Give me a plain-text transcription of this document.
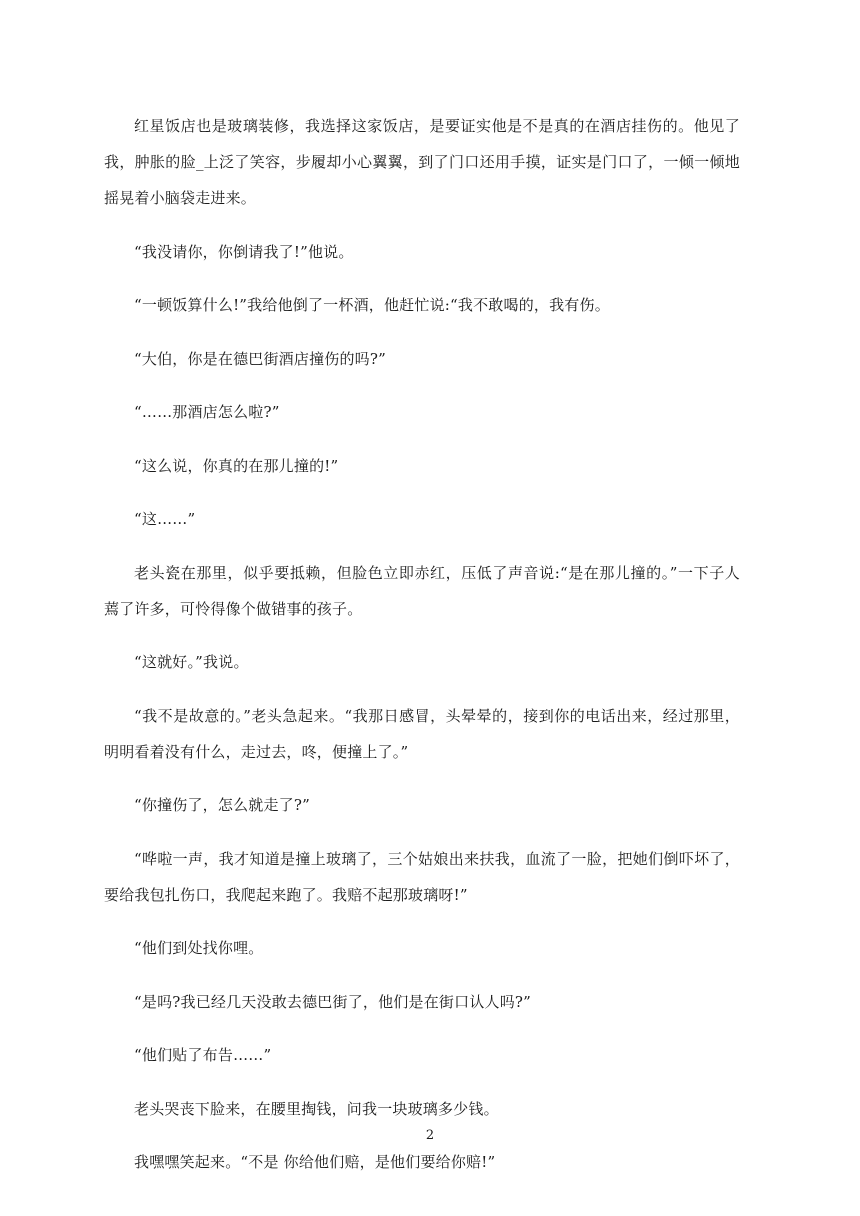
红星饭店也是玻璃装修，我选择这家饭店，是要证实他是不是真的在酒店挂伤的。他见了我，肿胀的脸_上泛了笑容，步履却小心翼翼，到了门口还用手摸，证实是门口了，一倾一倾地摇晃着小脑袋走进来。

“我没请你，你倒请我了!”他说。

“一顿饭算什么!”我给他倒了一杯酒，他赶忙说:“我不敢喝的，我有伤。

“大伯，你是在德巴街酒店撞伤的吗?”

“……那酒店怎么啦?”

“这么说，你真的在那儿撞的!”

“这……”

老头瓷在那里，似乎要抵赖，但脸色立即赤红，压低了声音说:“是在那儿撞的。”一下子人蔫了许多，可怜得像个做错事的孩子。

“这就好。”我说。

“我不是故意的。”老头急起来。“我那日感冒，头晕晕的，接到你的电话出来，经过那里，明明看着没有什么，走过去，咚，便撞上了。”

“你撞伤了，怎么就走了?”

“哗啦一声，我才知道是撞上玻璃了，三个姑娘出来扶我，血流了一脸，把她们倒吓坏了，要给我包扎伤口，我爬起来跑了。我赔不起那玻璃呀!”

“他们到处找你哩。

“是吗?我已经几天没敢去德巴街了，他们是在街口认人吗?”

“他们贴了布告……”

老头哭丧下脸来，在腰里掏钱，问我一块玻璃多少钱。

我嘿嘿笑起来。“不是 你给他们赔，是他们要给你赔!”

2
